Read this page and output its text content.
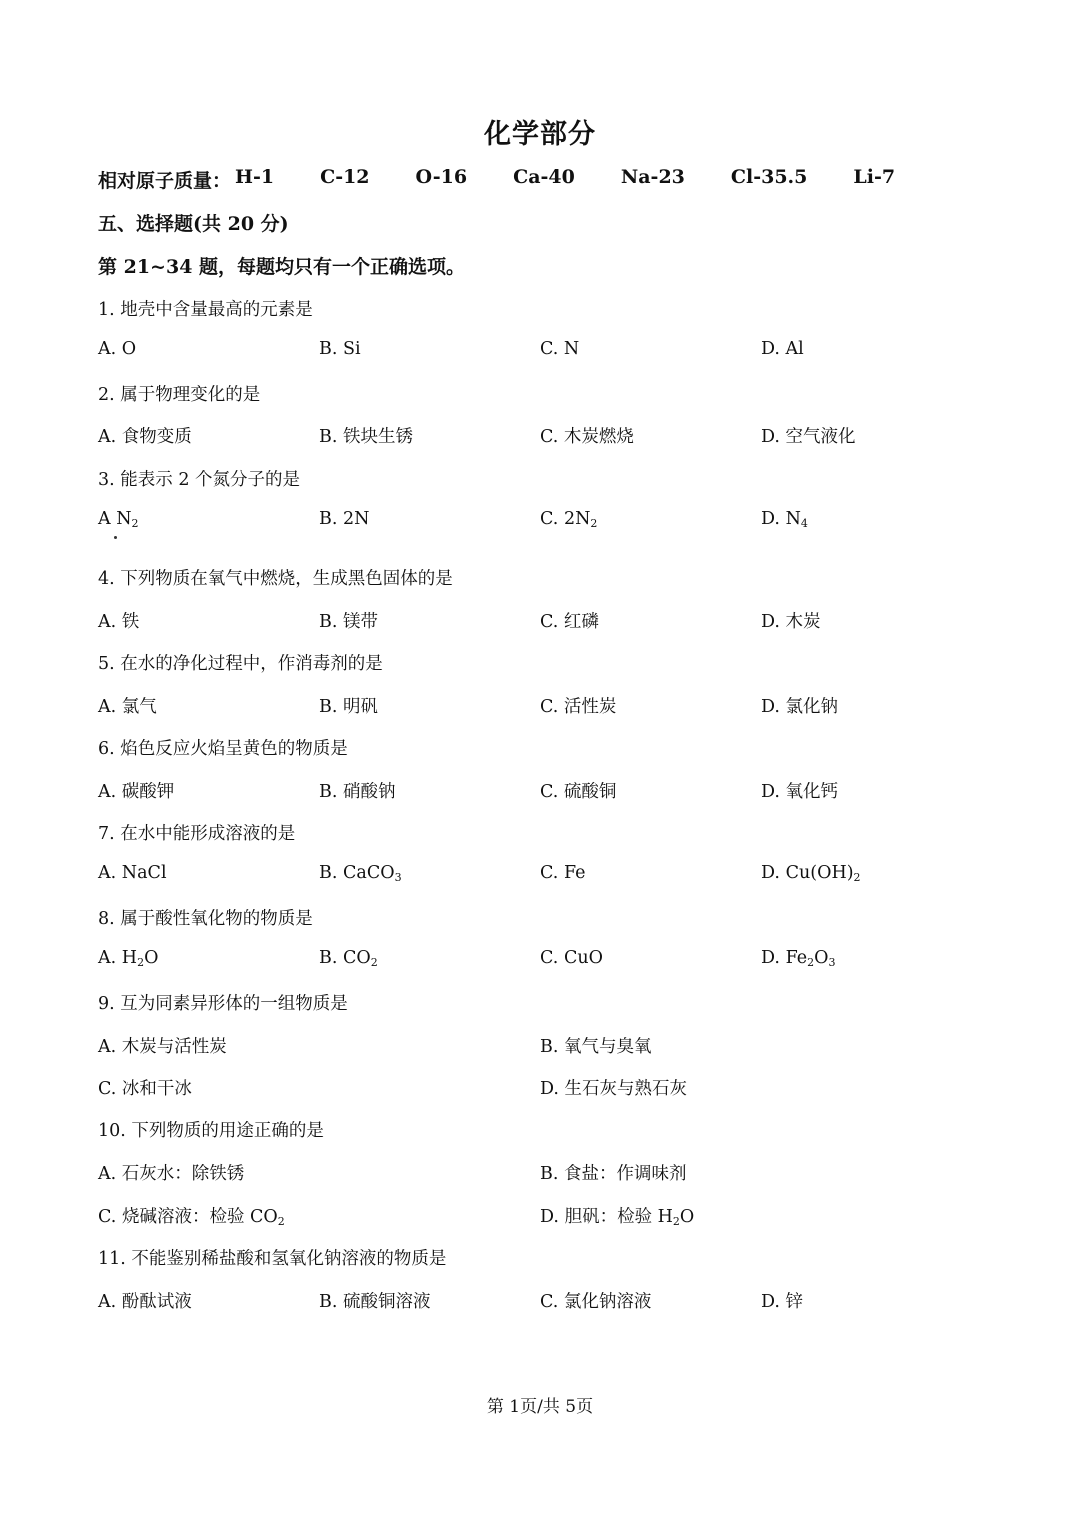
化学部分
相对原子质量： H-1 C-12 O-16 Ca-40 Na-23 Cl-35.5 Li-7
五、选择题(共 20 分)
第 21~34 题，每题均只有一个正确选项。
1. 地壳中含量最高的元素是
A. O	B. Si	C. N	D. Al
2. 属于物理变化的是
A. 食物变质	B. 铁块生锈	C. 木炭燃烧	D. 空气液化
3. 能表示 2 个氮分子的是
A $N_2$	B. 2N	C. $2N_2$	D. $N_4$
4. 下列物质在氧气中燃烧，生成黑色固体的是
A. 铁	B. 镁带	C. 红磷	D. 木炭
5. 在水的净化过程中，作消毒剂的是
A. 氯气	B. 明矾	C. 活性炭	D. 氯化钠
6. 焰色反应火焰呈黄色的物质是
A. 碳酸钾	B. 硝酸钠	C. 硫酸铜	D. 氧化钙
7. 在水中能形成溶液的是
A. NaCl	B. CaCO$_3$	C. Fe	D. $Cu(OH)_2$
8. 属于酸性氧化物的物质是
A. $H_2O$	B. $CO_2$	C. CuO	D. $Fe_2O_3$
9. 互为同素异形体的一组物质是
A. 木炭与活性炭	B. 氧气与臭氧
C. 冰和干冰	D. 生石灰与熟石灰
10. 下列物质的用途正确的是
A. 石灰水：除铁锈	B. 食盐：作调味剂
C. 烧碱溶液：检验 $CO_2$	D. 胆矾：检验 $H_2O$
11. 不能鉴别稀盐酸和氢氧化钠溶液的物质是
A. 酚酞试液	B. 硫酸铜溶液	C. 氯化钠溶液	D. 锌
第 1页/共 5页
